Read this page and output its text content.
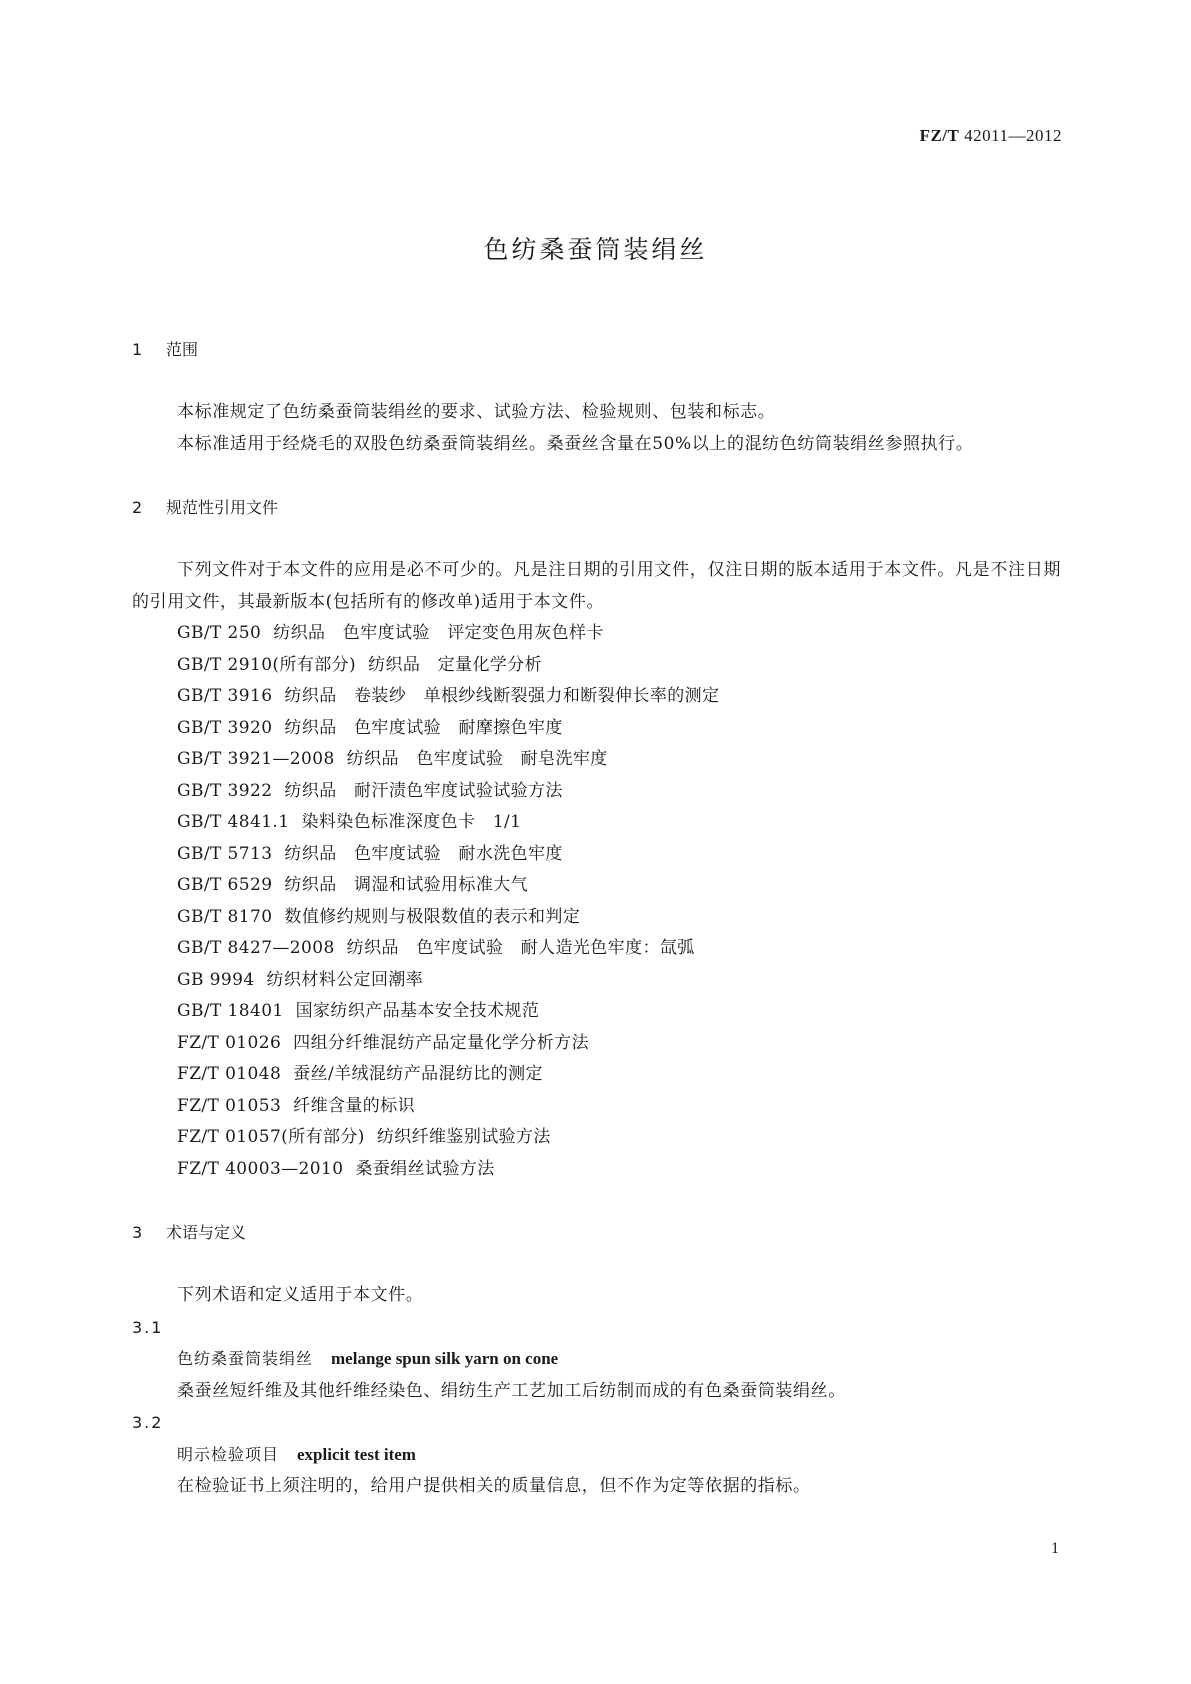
FZ/T 42011—2012
色纺桑蚕筒装绢丝
1 范围
本标准规定了色纺桑蚕筒装绢丝的要求、试验方法、检验规则、包装和标志。
本标准适用于经烧毛的双股色纺桑蚕筒装绢丝。桑蚕丝含量在50%以上的混纺色纺筒装绢丝参照执行。
2 规范性引用文件
下列文件对于本文件的应用是必不可少的。凡是注日期的引用文件，仅注日期的版本适用于本文件。凡是不注日期的引用文件，其最新版本(包括所有的修改单)适用于本文件。
GB/T 250 纺织品　色牢度试验　评定变色用灰色样卡
GB/T 2910(所有部分) 纺织品　定量化学分析
GB/T 3916 纺织品　卷装纱　单根纱线断裂强力和断裂伸长率的测定
GB/T 3920 纺织品　色牢度试验　耐摩擦色牢度
GB/T 3921—2008 纺织品　色牢度试验　耐皂洗牢度
GB/T 3922 纺织品　耐汗渍色牢度试验试验方法
GB/T 4841.1 染料染色标准深度色卡　1/1
GB/T 5713 纺织品　色牢度试验　耐水洗色牢度
GB/T 6529 纺织品　调湿和试验用标准大气
GB/T 8170 数值修约规则与极限数值的表示和判定
GB/T 8427—2008 纺织品　色牢度试验　耐人造光色牢度：氙弧
GB 9994 纺织材料公定回潮率
GB/T 18401 国家纺织产品基本安全技术规范
FZ/T 01026 四组分纤维混纺产品定量化学分析方法
FZ/T 01048 蚕丝/羊绒混纺产品混纺比的测定
FZ/T 01053 纤维含量的标识
FZ/T 01057(所有部分) 纺织纤维鉴别试验方法
FZ/T 40003—2010 桑蚕绢丝试验方法
3 术语与定义
下列术语和定义适用于本文件。
3.1
色纺桑蚕筒装绢丝 melange spun silk yarn on cone
桑蚕丝短纤维及其他纤维经染色、绢纺生产工艺加工后纺制而成的有色桑蚕筒装绢丝。
3.2
明示检验项目 explicit test item
在检验证书上须注明的，给用户提供相关的质量信息，但不作为定等依据的指标。
1
